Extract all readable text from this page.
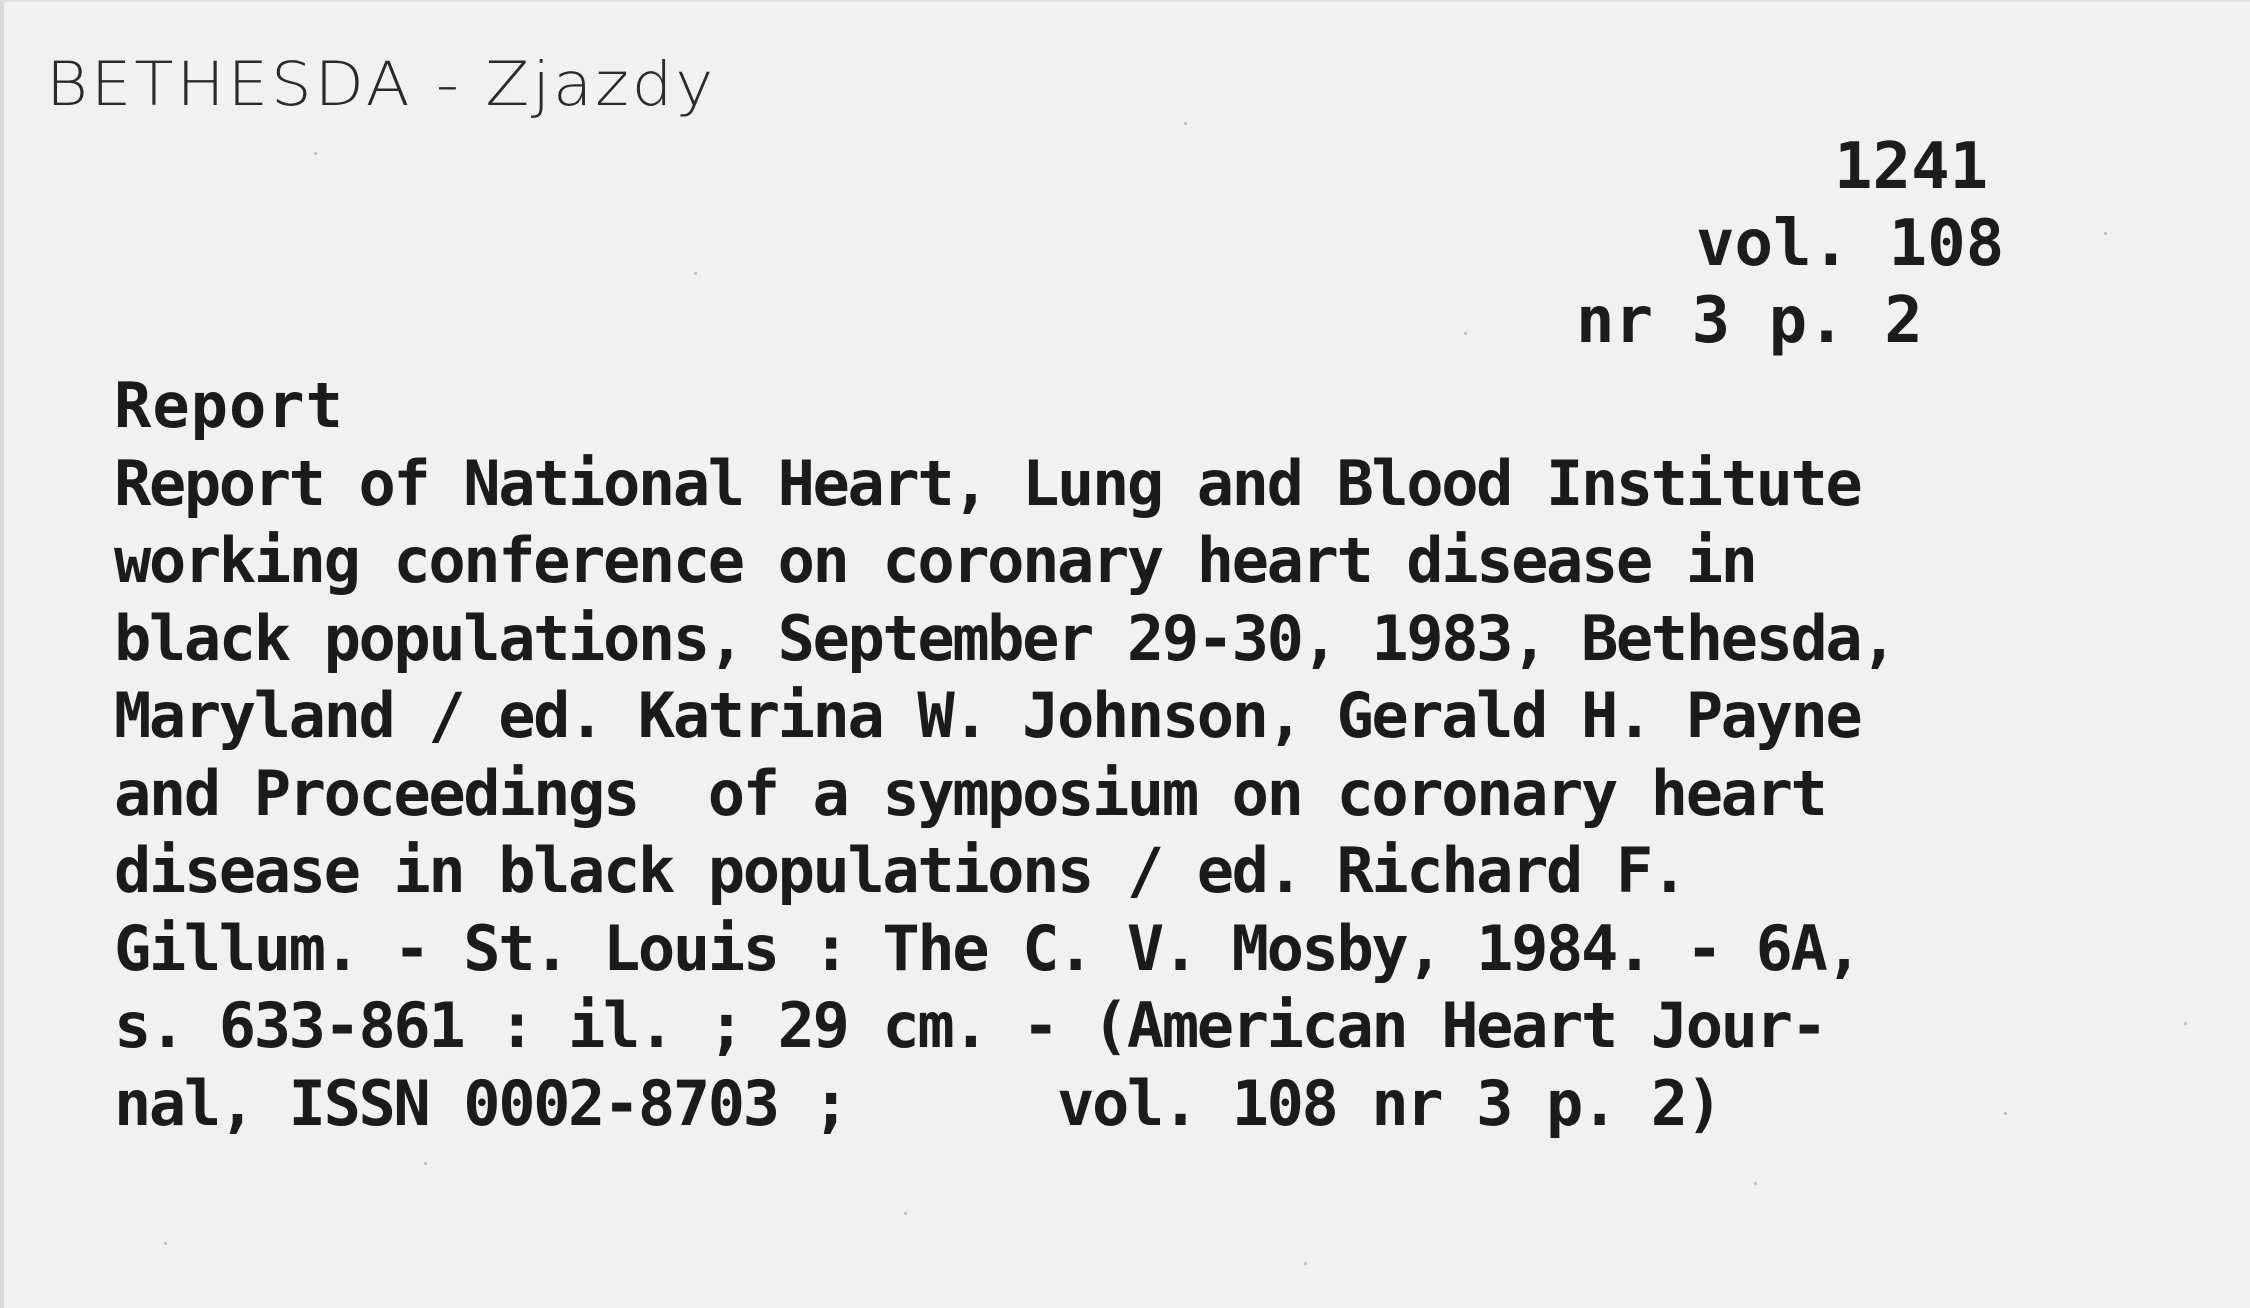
BETHESDA - Zjazdy
1241
vol. 108
nr 3 p. 2
Report
Report of National Heart, Lung and Blood Institute
working conference on coronary heart disease in
black populations, September 29-30, 1983, Bethesda,
Maryland / ed. Katrina W. Johnson, Gerald H. Payne
and Proceedings  of a symposium on coronary heart
disease in black populations / ed. Richard F.
Gillum. - St. Louis : The C. V. Mosby, 1984. - 6A,
s. 633-861 : il. ; 29 cm. - (American Heart Jour-
nal, ISSN 0002-8703 ;      vol. 108 nr 3 p. 2)
